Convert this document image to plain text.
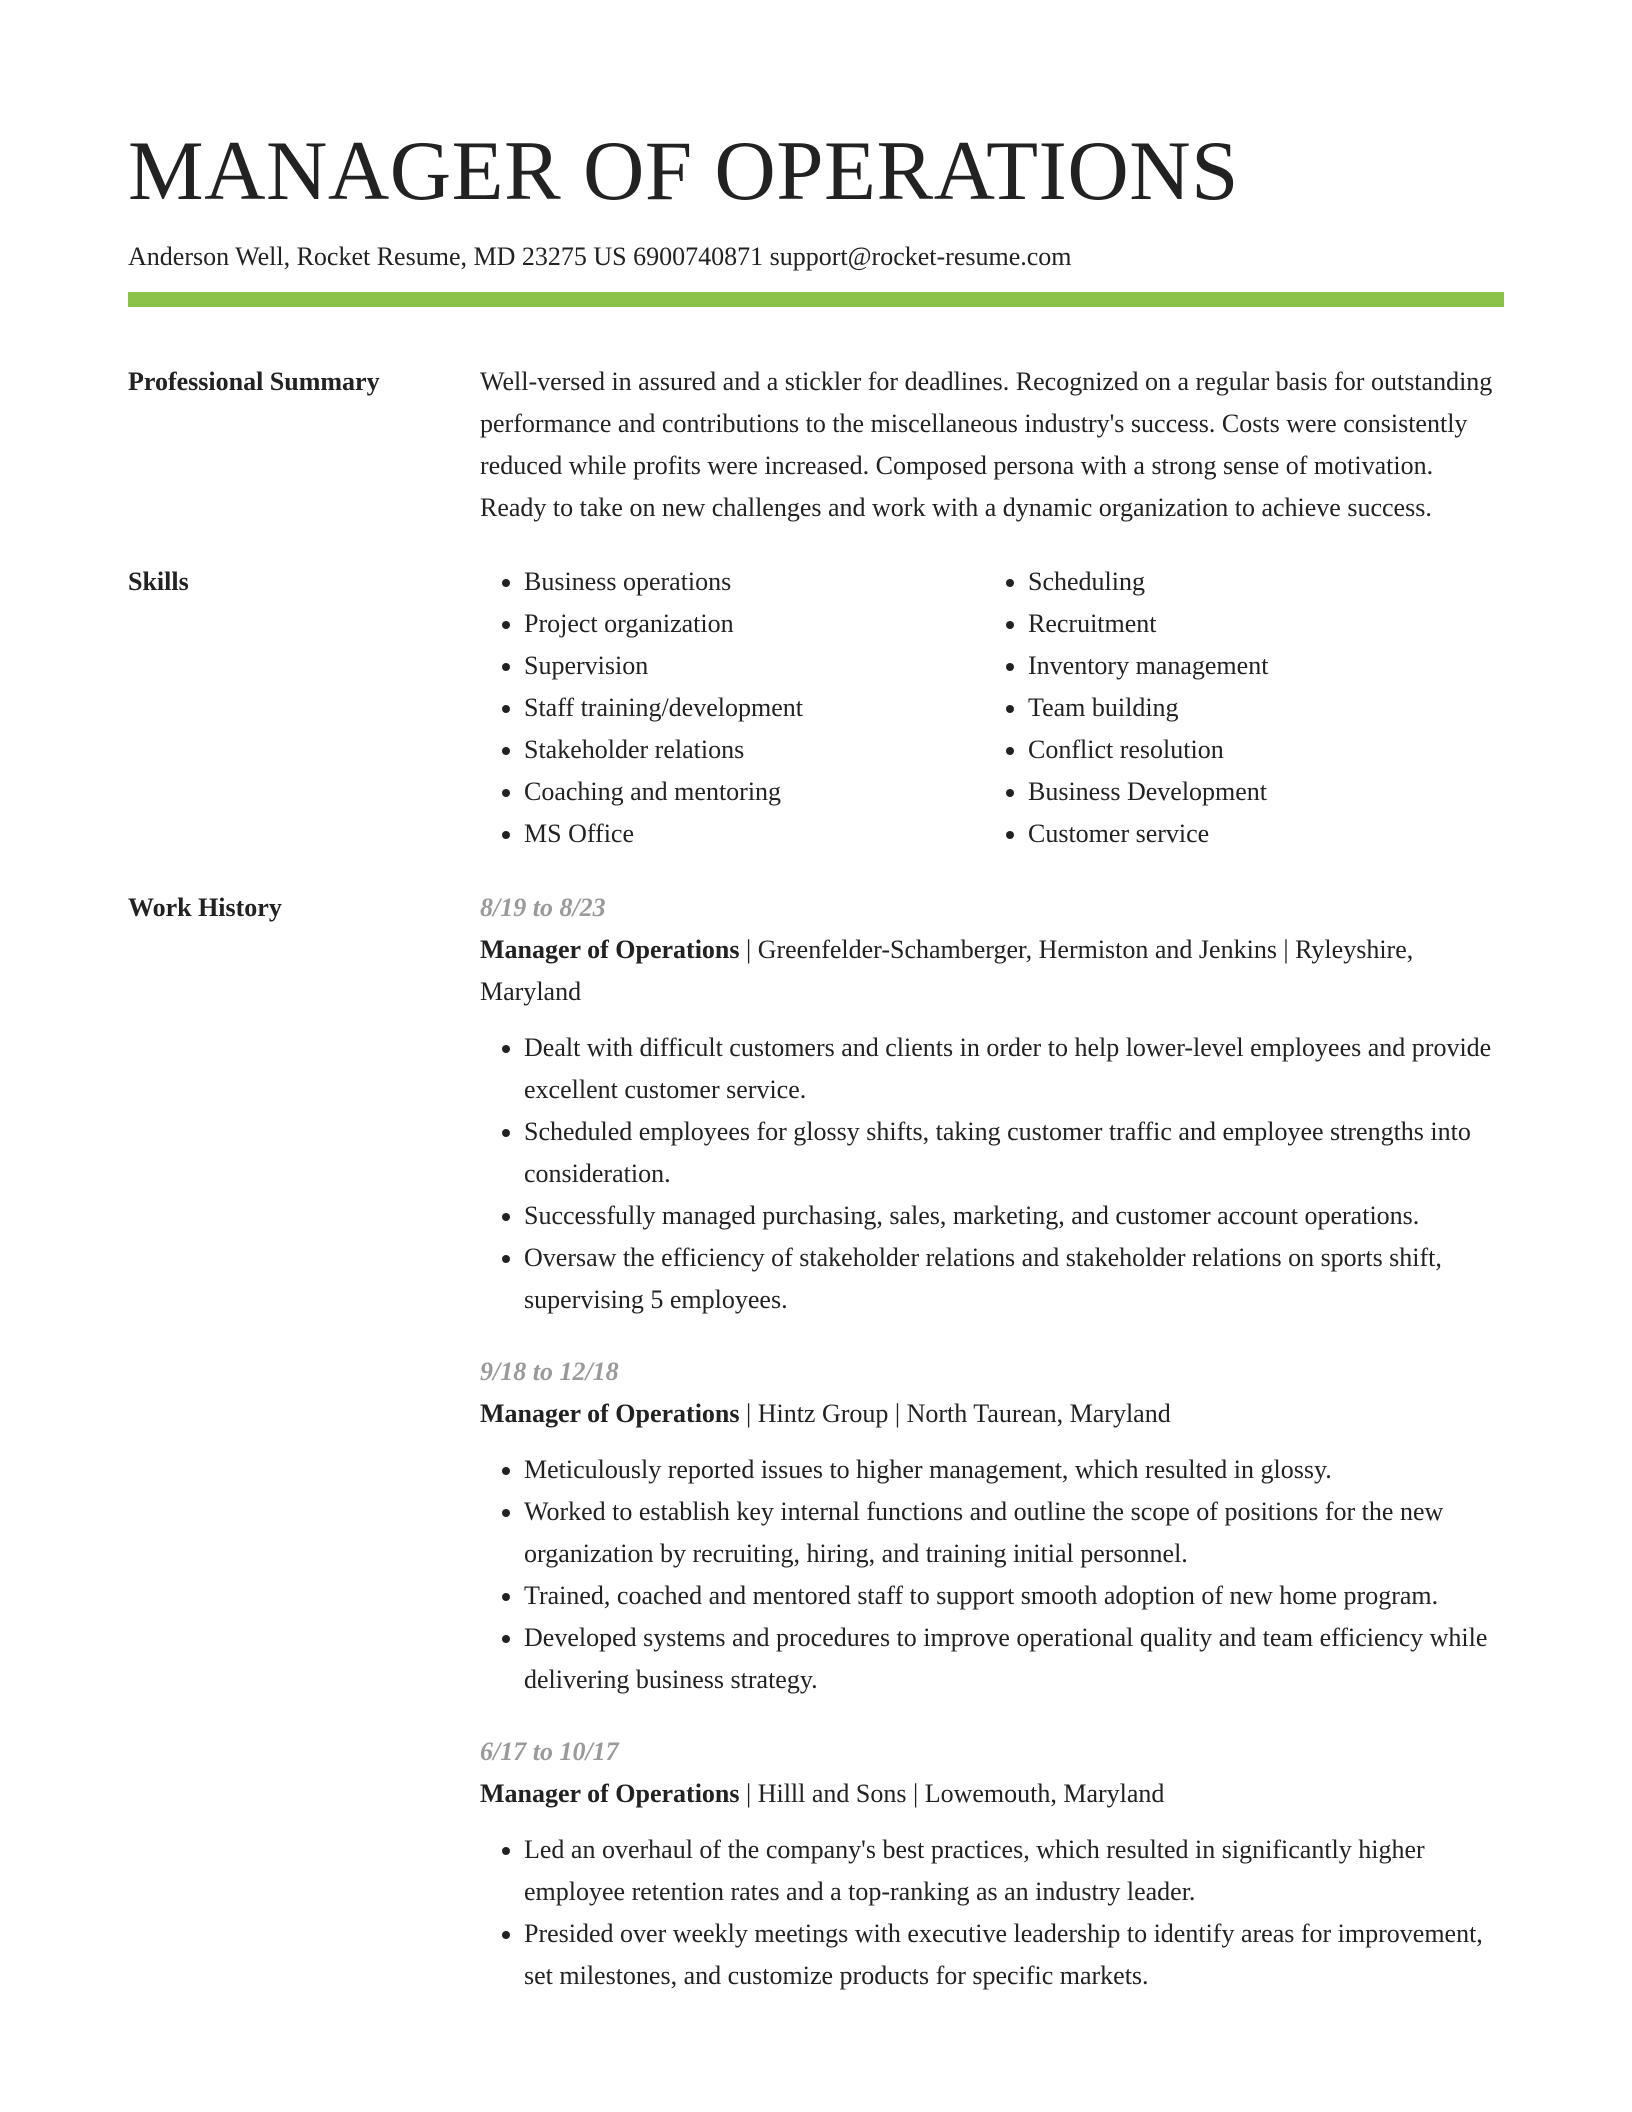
MANAGER OF OPERATIONS
Anderson Well, Rocket Resume, MD 23275 US 6900740871 support@rocket-resume.com
Professional Summary	Well-versed in assured and a stickler for deadlines. Recognized on a regular basis for outstanding performance and contributions to the miscellaneous industry's success. Costs were consistently reduced while profits were increased. Composed persona with a strong sense of motivation. Ready to take on new challenges and work with a dynamic organization to achieve success.

Skills
•	Business operations
• Project organization
• Supervision
• Staff training/development
• Stakeholder relations
• Coaching and mentoring
• MS Office
• Scheduling
• Recruitment
• Inventory management
• Team building
• Conflict resolution
• Business Development
• Customer service
Work History	8/19 to 8/23
Manager of Operations | Greenfelder-Schamberger, Hermiston and Jenkins | Ryleyshire, Maryland
• Dealt with difficult customers and clients in order to help lower-level employees and provide excellent customer service.
• Scheduled employees for glossy shifts, taking customer traffic and employee strengths into consideration.
• Successfully managed purchasing, sales, marketing, and customer account operations.
• Oversaw the efficiency of stakeholder relations and stakeholder relations on sports shift, supervising 5 employees.
9/18 to 12/18
Manager of Operations | Hintz Group | North Taurean, Maryland
• Meticulously reported issues to higher management, which resulted in glossy.
• Worked to establish key internal functions and outline the scope of positions for the new organization by recruiting, hiring, and training initial personnel.
• Trained, coached and mentored staff to support smooth adoption of new home program.
• Developed systems and procedures to improve operational quality and team efficiency while delivering business strategy.
6/17 to 10/17
Manager of Operations | Hilll and Sons | Lowemouth, Maryland
• Led an overhaul of the company's best practices, which resulted in significantly higher employee retention rates and a top-ranking as an industry leader.
• Presided over weekly meetings with executive leadership to identify areas for improvement, set milestones, and customize products for specific markets.
